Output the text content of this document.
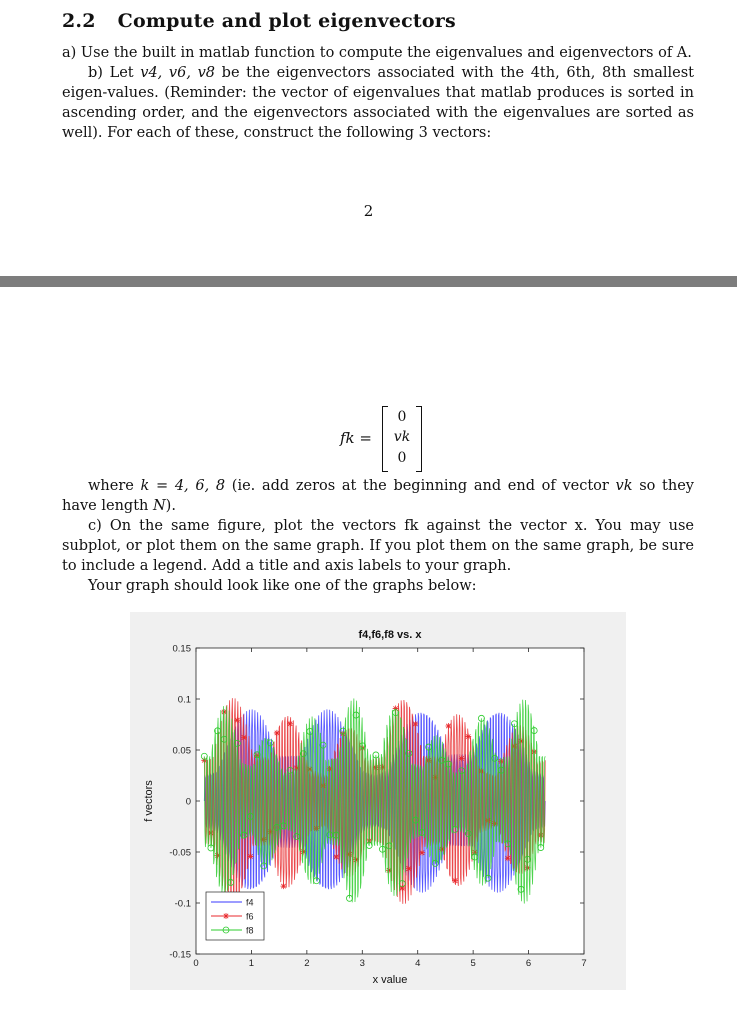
2.2 Compute and plot eigenvectors
a) Use the built in matlab function to compute the eigenvalues and eigenvectors of A.
b) Let v4, v6, v8 be the eigenvectors associated with the 4th, 6th, 8th smallest eigen-values. (Reminder: the vector of eigenvalues that matlab produces is sorted in ascending order, and the eigenvectors associated with the eigenvalues are sorted as well). For each of these, construct the following 3 vectors:
2
fk =
0
vk
0
where k = 4, 6, 8 (ie. add zeros at the beginning and end of vector vk so they have length N).
c) On the same figure, plot the vectors fk against the vector x. You may use subplot, or plot them on the same graph. If you plot them on the same graph, be sure to include a legend. Add a title and axis labels to your graph.
Your graph should look like one of the graphs below:
0	1	2	3	4	5	6	7
0.15
0.1
0.05
0
-0.05
-0.1
-0.15
f4,f6,f8 vs. x
x value
f vectors
f4
f6
f8
